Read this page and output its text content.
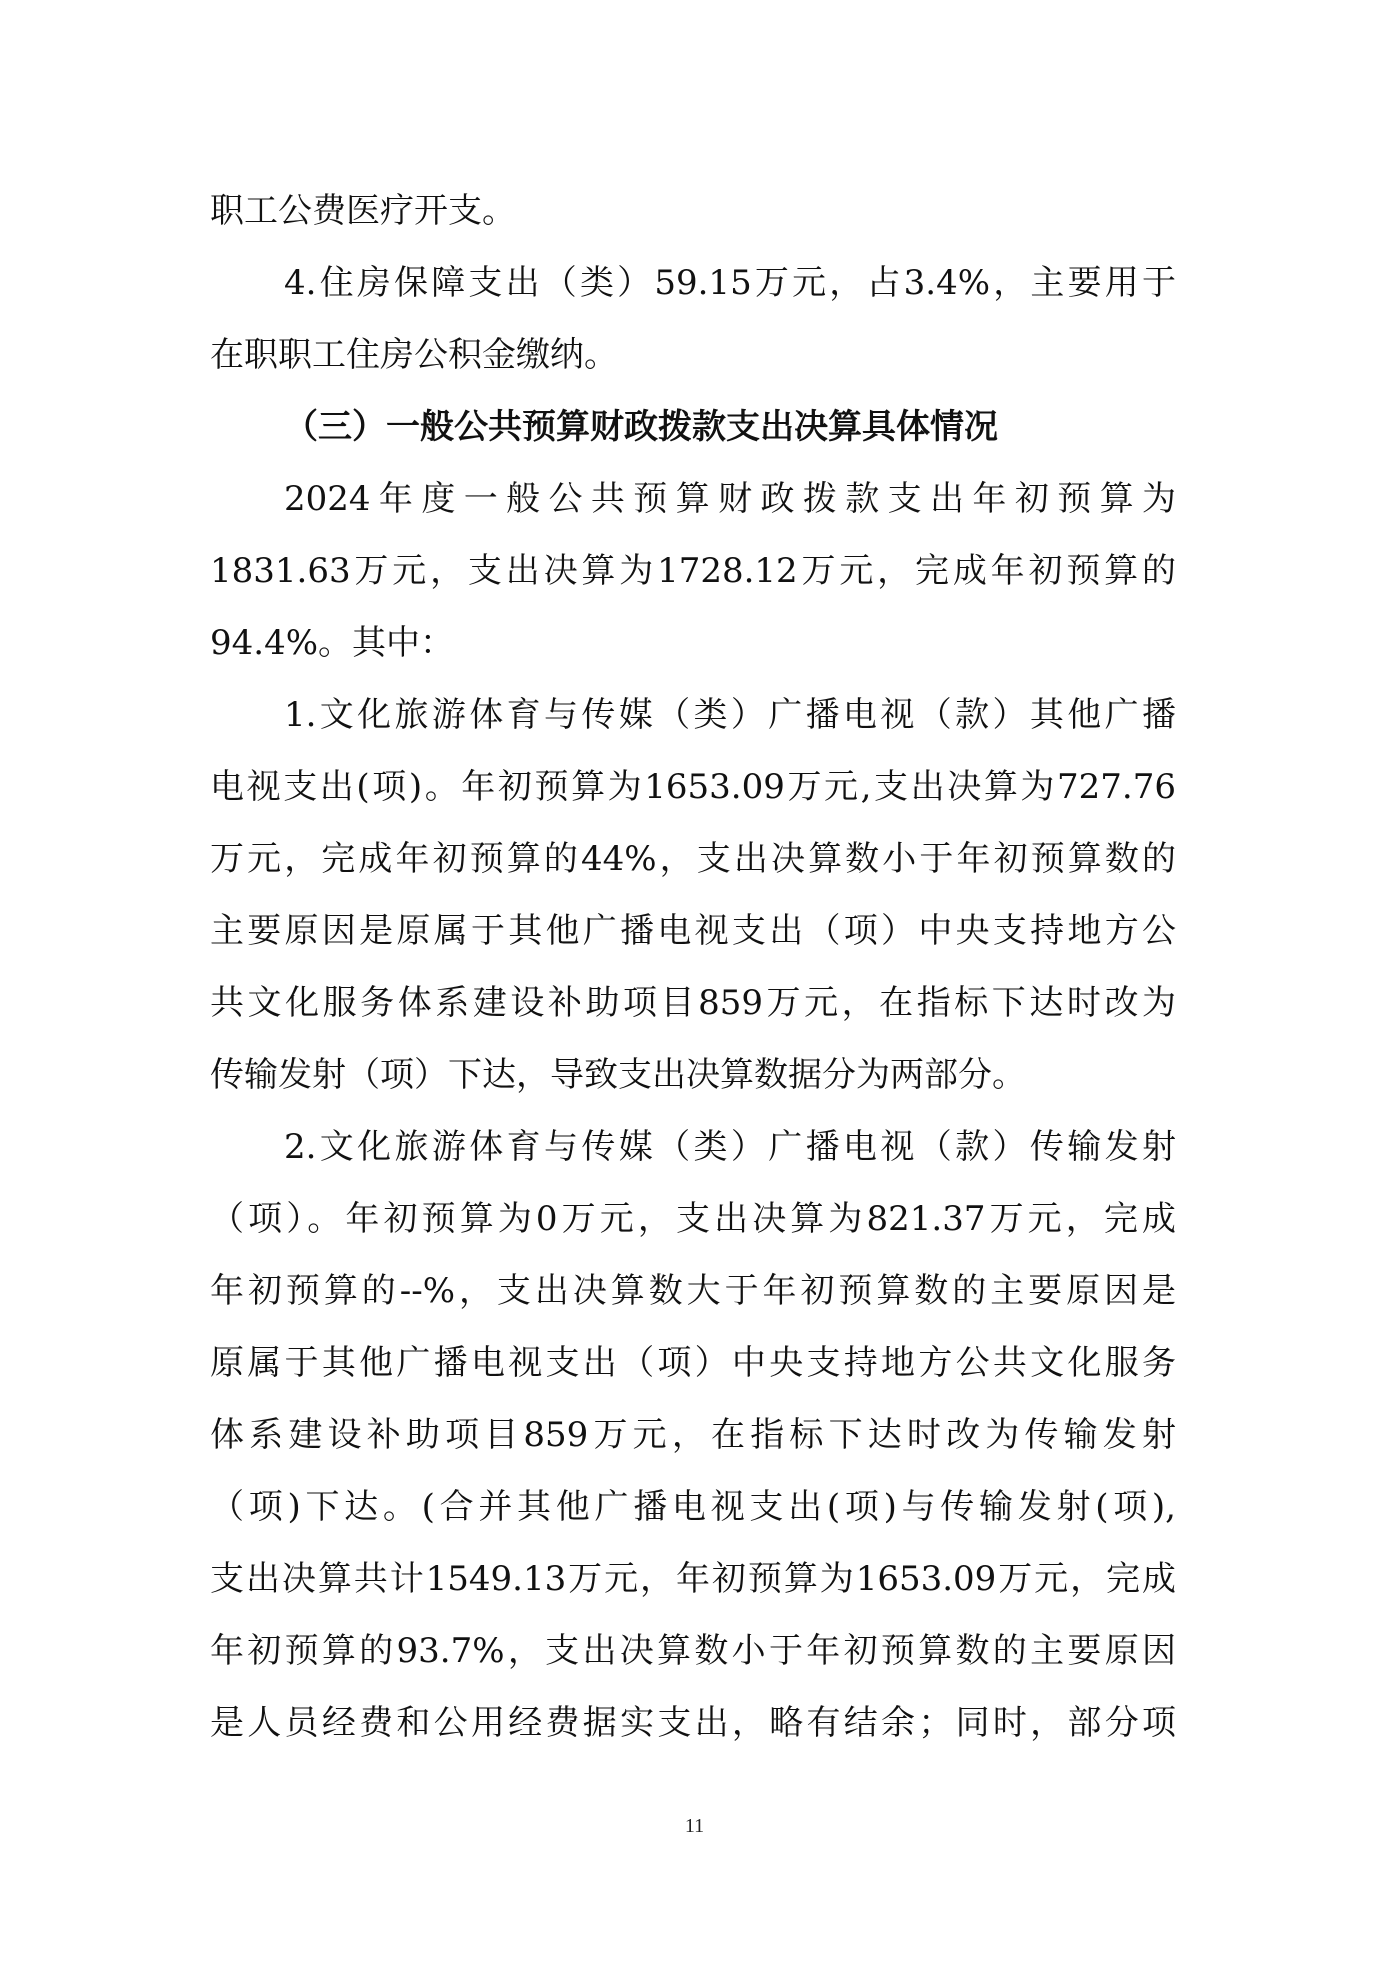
职工公费医疗开支。
4.住房保障支出（类）59.15万元，占3.4%，主要用于
在职职工住房公积金缴纳。
（三）一般公共预算财政拨款支出决算具体情况
2024年度一般公共预算财政拨款支出年初预算为
1831.63万元，支出决算为1728.12万元，完成年初预算的
94.4%。其中：
1.文化旅游体育与传媒（类）广播电视（款）其他广播
电视支出(项)。年初预算为1653.09万元,支出决算为727.76
万元，完成年初预算的44%，支出决算数小于年初预算数的
主要原因是原属于其他广播电视支出（项）中央支持地方公
共文化服务体系建设补助项目859万元，在指标下达时改为
传输发射（项）下达，导致支出决算数据分为两部分。
2.文化旅游体育与传媒（类）广播电视（款）传输发射
（项）。年初预算为0万元，支出决算为821.37万元，完成
年初预算的--%，支出决算数大于年初预算数的主要原因是
原属于其他广播电视支出（项）中央支持地方公共文化服务
体系建设补助项目859万元，在指标下达时改为传输发射
（项)下达。(合并其他广播电视支出(项)与传输发射(项),
支出决算共计1549.13万元，年初预算为1653.09万元，完成
年初预算的93.7%，支出决算数小于年初预算数的主要原因
是人员经费和公用经费据实支出，略有结余；同时，部分项
11
